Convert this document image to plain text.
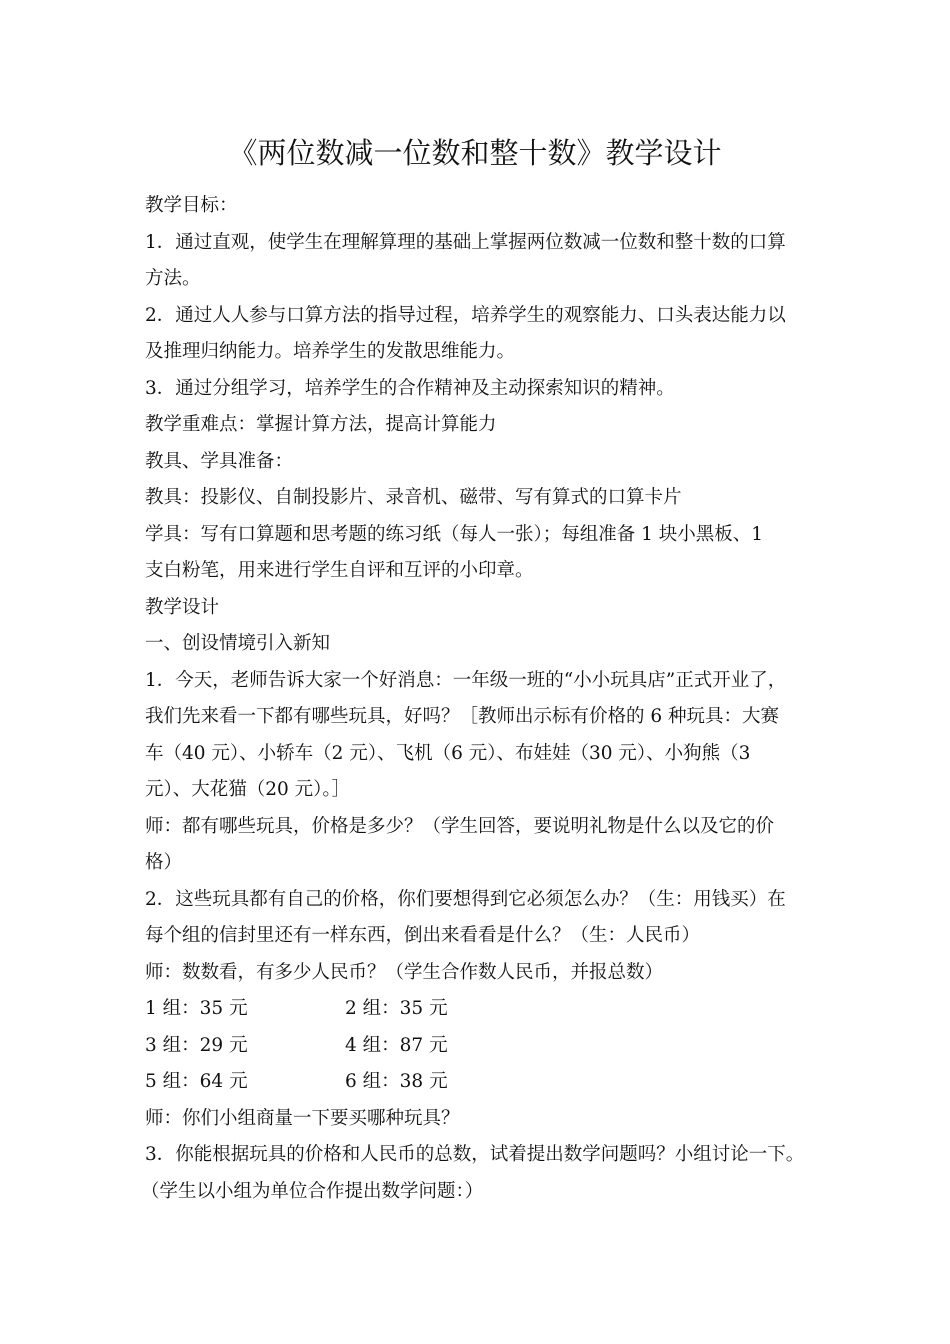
《两位数减一位数和整十数》教学设计
教学目标：
1．通过直观，使学生在理解算理的基础上掌握两位数减一位数和整十数的口算
方法。
2．通过人人参与口算方法的指导过程，培养学生的观察能力、口头表达能力以
及推理归纳能力。培养学生的发散思维能力。
3．通过分组学习，培养学生的合作精神及主动探索知识的精神。
教学重难点：掌握计算方法，提高计算能力
教具、学具准备：
教具：投影仪、自制投影片、录音机、磁带、写有算式的口算卡片
学具：写有口算题和思考题的练习纸（每人一张）；每组准备 1 块小黑板、1
支白粉笔，用来进行学生自评和互评的小印章。
教学设计
一、创设情境引入新知
1．今天，老师告诉大家一个好消息：一年级一班的“小小玩具店”正式开业了，
我们先来看一下都有哪些玩具，好吗？［教师出示标有价格的 6 种玩具：大赛
车（40 元）、小轿车（2 元）、飞机（6 元）、布娃娃（30 元）、小狗熊（3
元）、大花猫（20 元）。］
师：都有哪些玩具，价格是多少？（学生回答，要说明礼物是什么以及它的价
格）
2．这些玩具都有自己的价格，你们要想得到它必须怎么办？（生：用钱买）在
每个组的信封里还有一样东西，倒出来看看是什么？（生：人民币）
师：数数看，有多少人民币？（学生合作数人民币，并报总数）
1 组：35 元	2 组：35 元
3 组：29 元	4 组：87 元
5 组：64 元	6 组：38 元
师：你们小组商量一下要买哪种玩具？
3．你能根据玩具的价格和人民币的总数，试着提出数学问题吗？小组讨论一下。
（学生以小组为单位合作提出数学问题：）
